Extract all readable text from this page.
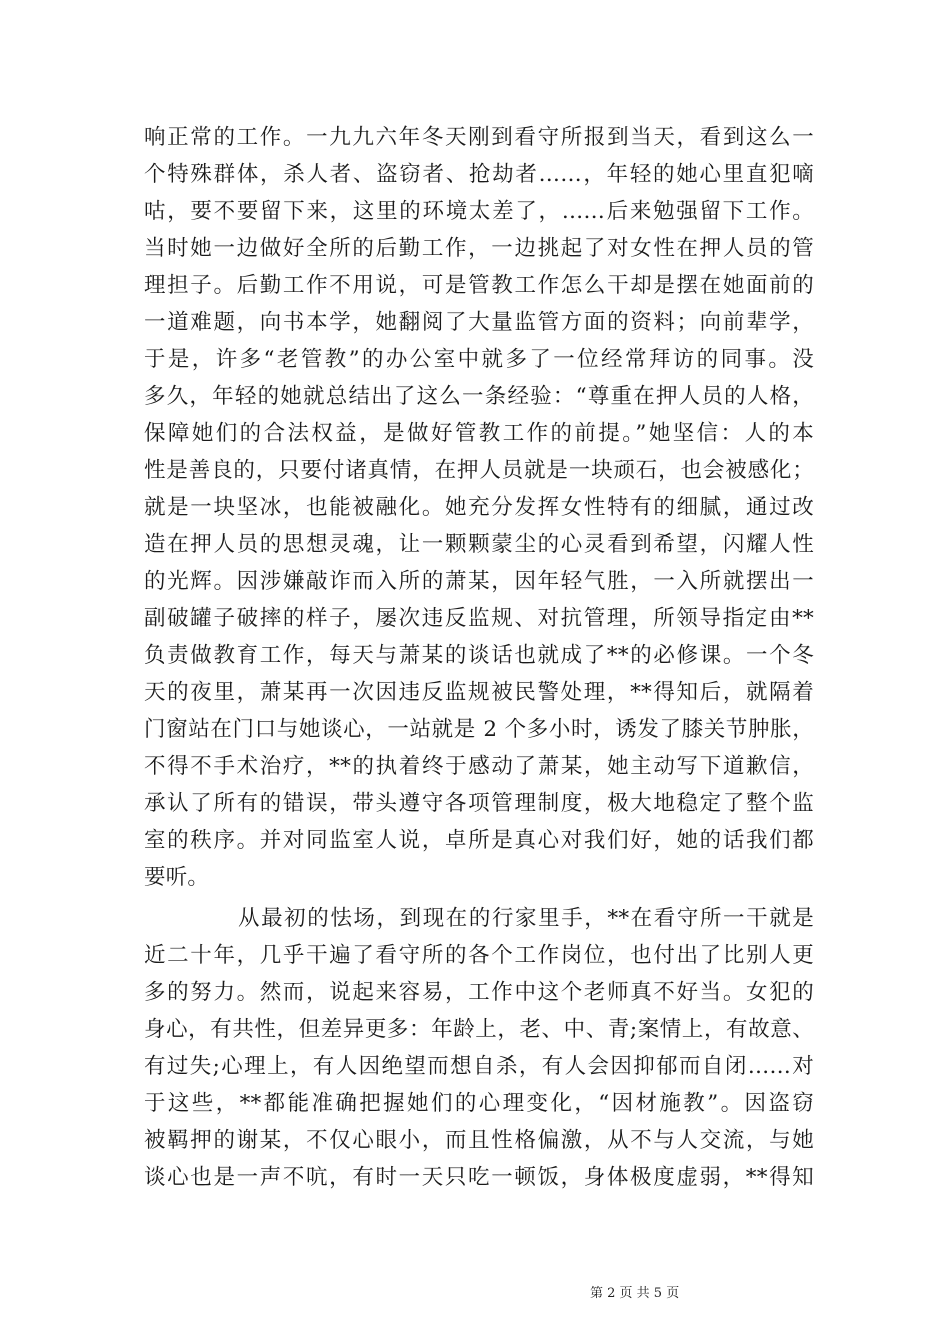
响正常的工作。一九九六年冬天刚到看守所报到当天，看到这么一
个特殊群体，杀人者、盗窃者、抢劫者……，年轻的她心里直犯嘀
咕，要不要留下来，这里的环境太差了，……后来勉强留下工作。
当时她一边做好全所的后勤工作，一边挑起了对女性在押人员的管
理担子。后勤工作不用说，可是管教工作怎么干却是摆在她面前的
一道难题，向书本学，她翻阅了大量监管方面的资料；向前辈学，
于是，许多“老管教”的办公室中就多了一位经常拜访的同事。没
多久，年轻的她就总结出了这么一条经验：“尊重在押人员的人格，
保障她们的合法权益，是做好管教工作的前提。”她坚信：人的本
性是善良的，只要付诸真情，在押人员就是一块顽石，也会被感化；
就是一块坚冰，也能被融化。她充分发挥女性特有的细腻，通过改
造在押人员的思想灵魂，让一颗颗蒙尘的心灵看到希望，闪耀人性
的光辉。因涉嫌敲诈而入所的萧某，因年轻气胜，一入所就摆出一
副破罐子破摔的样子，屡次违反监规、对抗管理，所领导指定由**
负责做教育工作，每天与萧某的谈话也就成了**的必修课。一个冬
天的夜里，萧某再一次因违反监规被民警处理，**得知后，就隔着
门窗站在门口与她谈心，一站就是 2 个多小时，诱发了膝关节肿胀，
不得不手术治疗，**的执着终于感动了萧某，她主动写下道歉信，
承认了所有的错误，带头遵守各项管理制度，极大地稳定了整个监
室的秩序。并对同监室人说，卓所是真心对我们好，她的话我们都
要听。
从最初的怯场，到现在的行家里手，**在看守所一干就是
近二十年，几乎干遍了看守所的各个工作岗位，也付出了比别人更
多的努力。然而，说起来容易，工作中这个老师真不好当。女犯的
身心，有共性，但差异更多：年龄上，老、中、青;案情上，有故意、
有过失;心理上，有人因绝望而想自杀，有人会因抑郁而自闭……对
于这些，**都能准确把握她们的心理变化，“因材施教”。因盗窃
被羁押的谢某，不仅心眼小，而且性格偏激，从不与人交流，与她
谈心也是一声不吭，有时一天只吃一顿饭，身体极度虚弱，**得知
第 2 页 共 5 页
